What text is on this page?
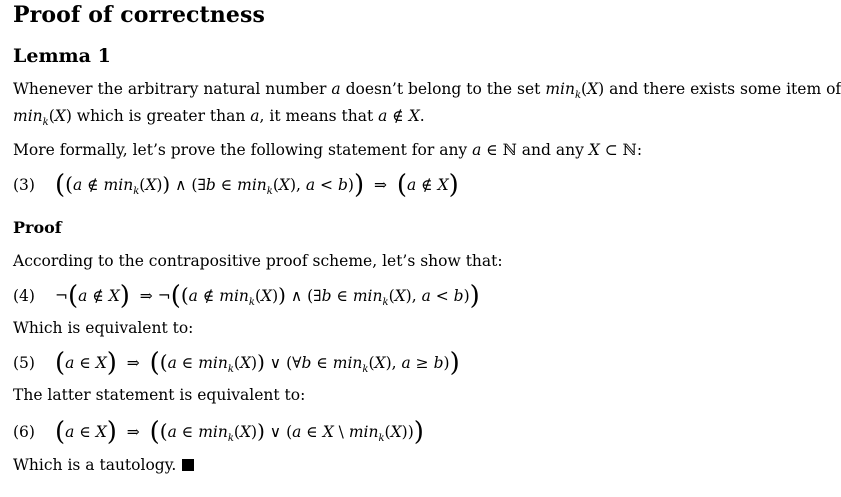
Proof of correctness
Lemma 1
Whenever the arbitrary natural number a doesn’t belong to the set $\min_k(X)$ and there exists some item of
$\min_k(X)$ which is greater than a, it means that a ∉ X.
More formally, let’s prove the following statement for any a ∈ ℕ and any X ⊂ ℕ:
(3) ((a ∉ $\min_k(X)$) ∧ (∃b ∈ $\min_k(X)$, a < b))  ⇒  (a ∉ X)
Proof
According to the contrapositive proof scheme, let’s show that:
(4)	¬(a ∉ X)  ⇒ ¬((a ∉ $\min_k(X)$) ∧ (∃b ∈ $\min_k(X)$, a < b))
Which is equivalent to:
(5) (a ∈ X)  ⇒  ((a ∈ $\min_k(X)$) ∨ (∀b ∈ $\min_k(X)$, a ≥ b))
The latter statement is equivalent to:
(6) (a ∈ X)  ⇒  ((a ∈ $\min_k(X)$) ∨ (a ∈ X \ $\min_k(X)$))
Which is a tautology.
